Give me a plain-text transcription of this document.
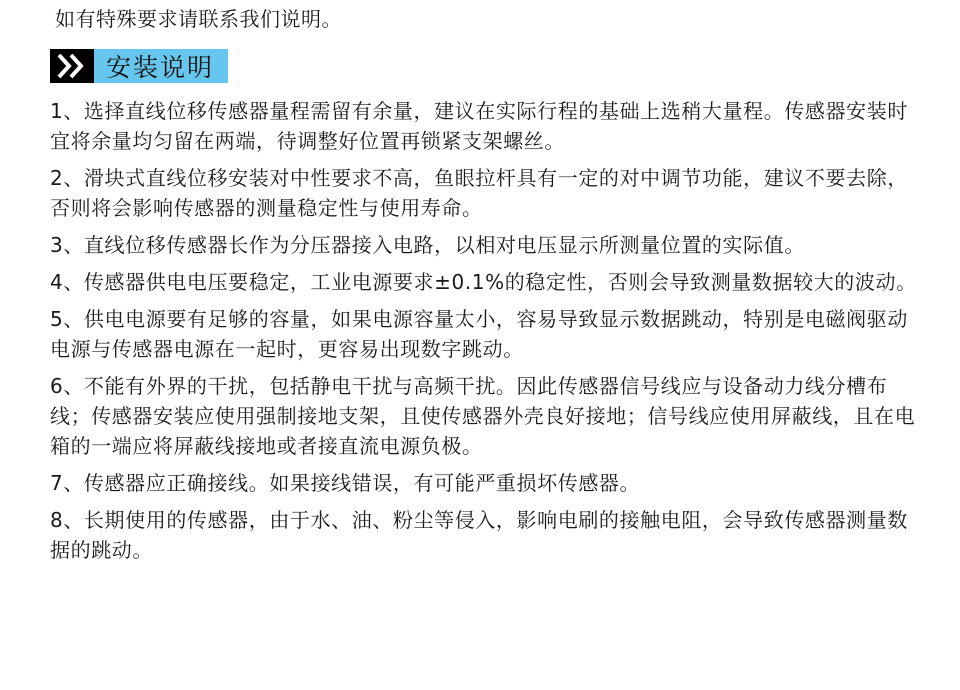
如有特殊要求请联系我们说明。
安装说明
1、选择直线位移传感器量程需留有余量，建议在实际行程的基础上选稍大量程。传感器安装时宜将余量均匀留在两端，待调整好位置再锁紧支架螺丝。
2、滑块式直线位移安装对中性要求不高，鱼眼拉杆具有一定的对中调节功能，建议不要去除，否则将会影响传感器的测量稳定性与使用寿命。
3、直线位移传感器长作为分压器接入电路，以相对电压显示所测量位置的实际值。
4、传感器供电电压要稳定，工业电源要求±0.1%的稳定性，否则会导致测量数据较大的波动。
5、供电电源要有足够的容量，如果电源容量太小，容易导致显示数据跳动，特别是电磁阀驱动电源与传感器电源在一起时，更容易出现数字跳动。
6、不能有外界的干扰，包括静电干扰与高频干扰。因此传感器信号线应与设备动力线分槽布线；传感器安装应使用强制接地支架，且使传感器外壳良好接地；信号线应使用屏蔽线，且在电箱的一端应将屏蔽线接地或者接直流电源负极。
7、传感器应正确接线。如果接线错误，有可能严重损坏传感器。
8、长期使用的传感器，由于水、油、粉尘等侵入，影响电刷的接触电阻，会导致传感器测量数据的跳动。
